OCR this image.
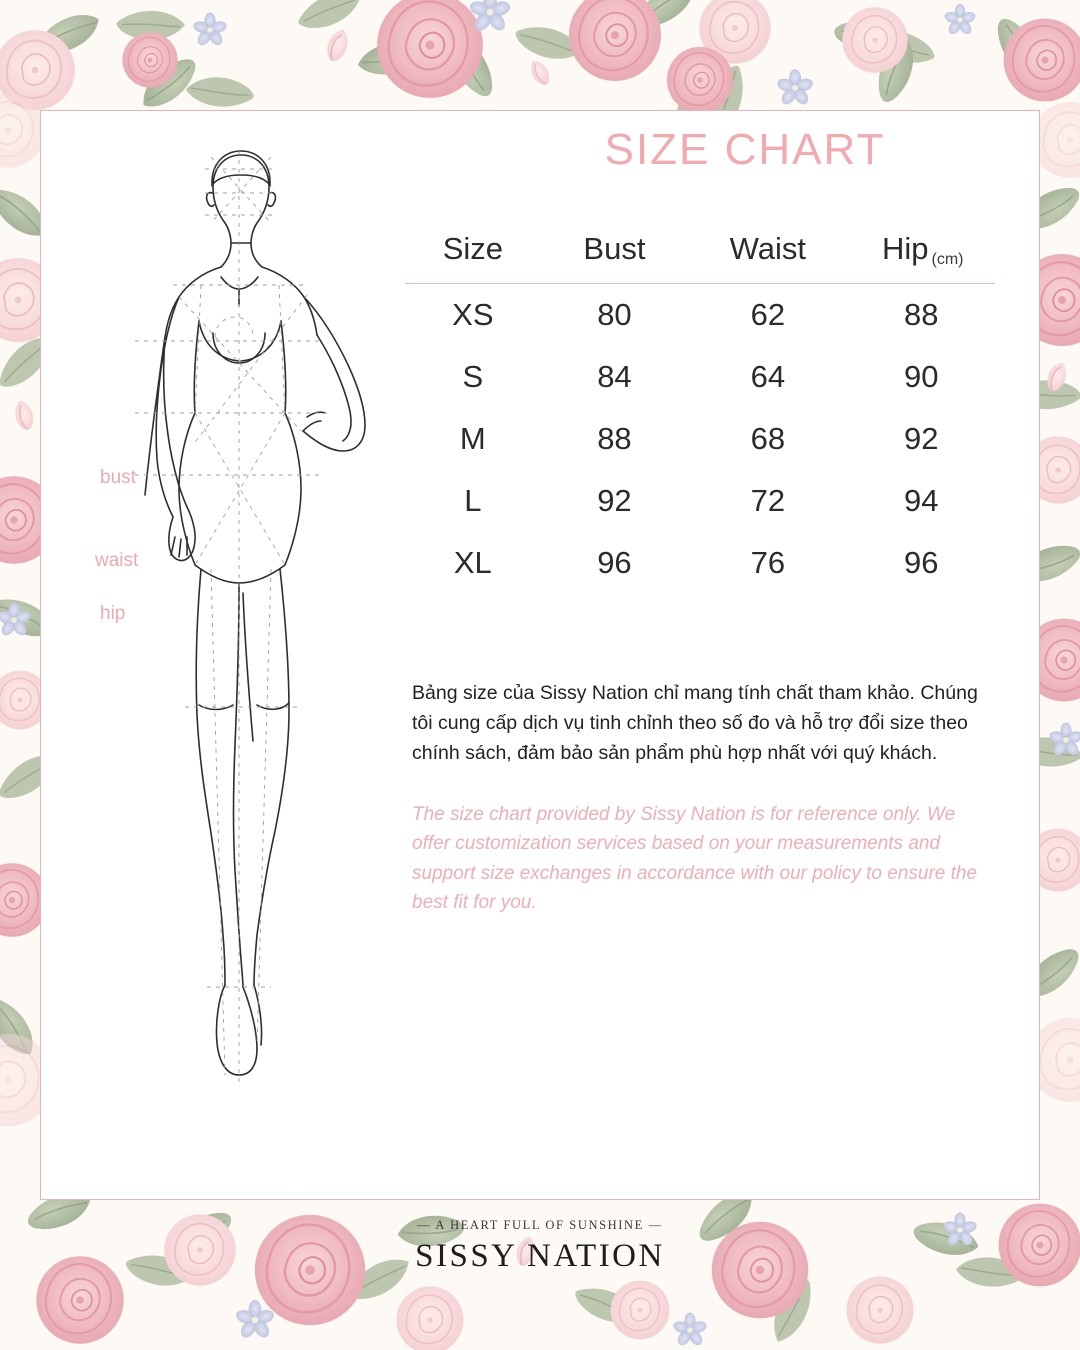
SIZE CHART
bust
waist
hip
Size	Bust	Waist	Hip (cm)
XS	80	62	88
S	84	64	90
M	88	68	92
L	92	72	94
XL	96	76	96
Bảng size của Sissy Nation chỉ mang tính chất tham khảo. Chúng tôi cung cấp dịch vụ tinh chỉnh theo số đo và hỗ trợ đổi size theo chính sách, đảm bảo sản phẩm phù hợp nhất với quý khách.
The size chart provided by Sissy Nation is for reference only. We offer customization services based on your measurements and support size exchanges in accordance with our policy to ensure the best fit for you.
— A HEART FULL OF SUNSHINE —
SISSY NATION
